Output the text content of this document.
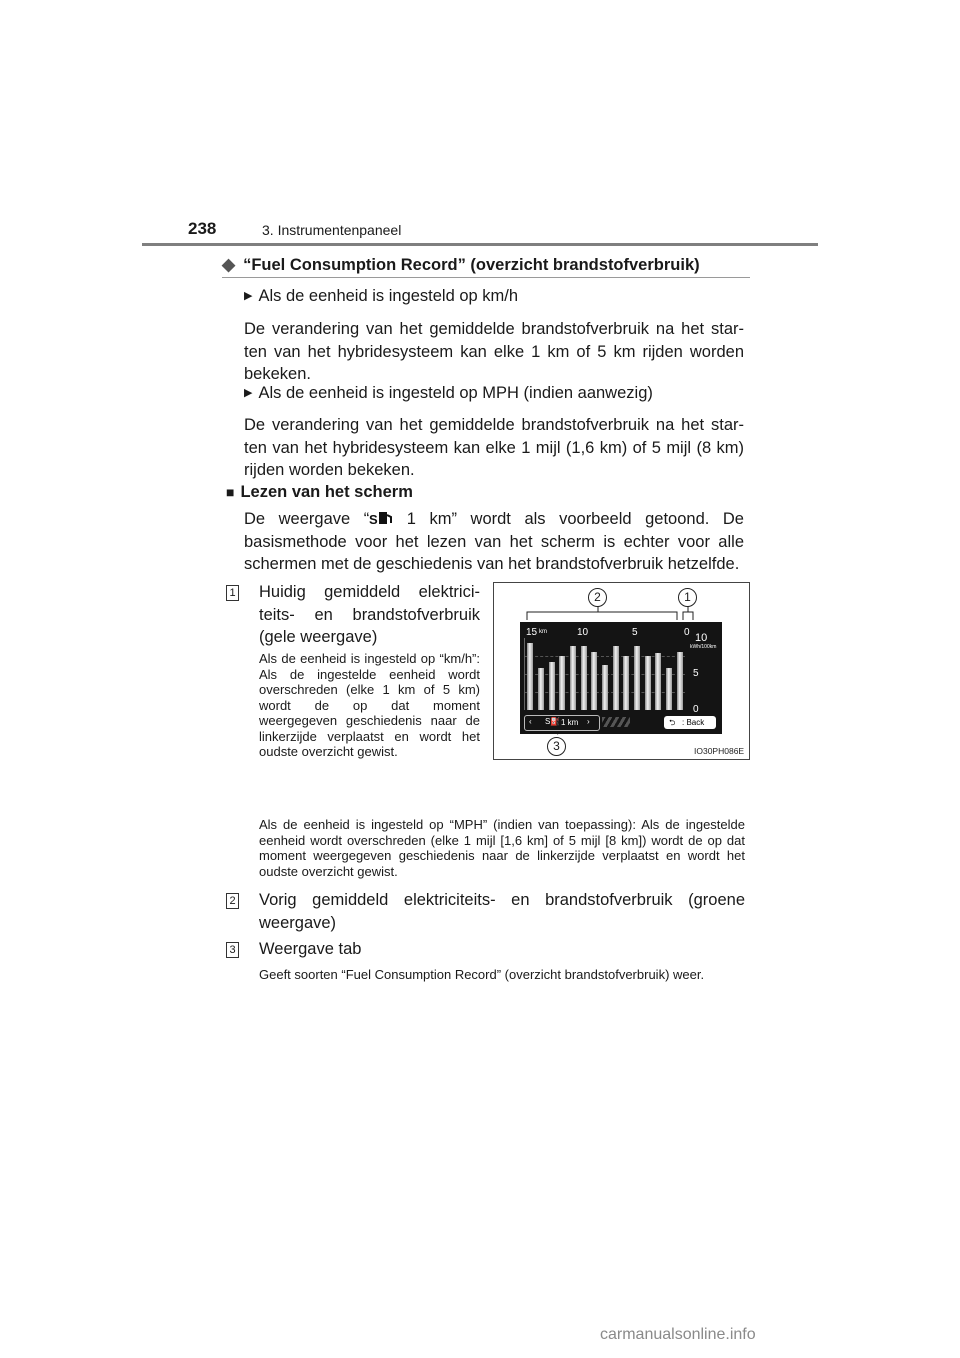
238	3. Instrumentenpaneel
◆ “Fuel Consumption Record” (overzicht brandstofverbruik)
▶ Als de eenheid is ingesteld op km/h
De verandering van het gemiddelde brandstofverbruik na het star-ten van het hybridesysteem kan elke 1 km of 5 km rijden worden bekeken.
▶ Als de eenheid is ingesteld op MPH (indien aanwezig)
De verandering van het gemiddelde brandstofverbruik na het star-ten van het hybridesysteem kan elke 1 mijl (1,6 km) of 5 mijl (8 km) rijden worden bekeken.
■ Lezen van het scherm
De weergave “ S 1 km” wordt als voorbeeld getoond. De basismethode voor het lezen van het scherm is echter voor alle schermen met de geschiedenis van het brandstofverbruik hetzelfde.
1 Huidig gemiddeld elektrici-teits- en brandstofverbruik (gele weergave)
Als de eenheid is ingesteld op “km/h”: Als de ingestelde eenheid wordt overschreden (elke 1 km of 5 km) wordt de op dat moment weergegeven geschiedenis naar de linkerzijde verplaatst en wordt het oudste overzicht gewist.
Als de eenheid is ingesteld op “MPH” (indien van toepassing): Als de ingestelde eenheid wordt overschreden (elke 1 mijl [1,6 km] of 5 mijl [8 km]) wordt de op dat moment weergegeven geschiedenis naar de linkerzijde verplaatst en wordt het oudste overzicht gewist.
2 Vorig gemiddeld elektriciteits- en brandstofverbruik (groene weergave)
3 Weergave tab
Geeft soorten “Fuel Consumption Record” (overzicht brandstofverbruik) weer.
2	1
3	IO30PH086E
15 km	10	5	0 10
kWh/100km
5
0
‹ S⛽ 1 km ›	⮌ : Back
carmanualsonline.info
